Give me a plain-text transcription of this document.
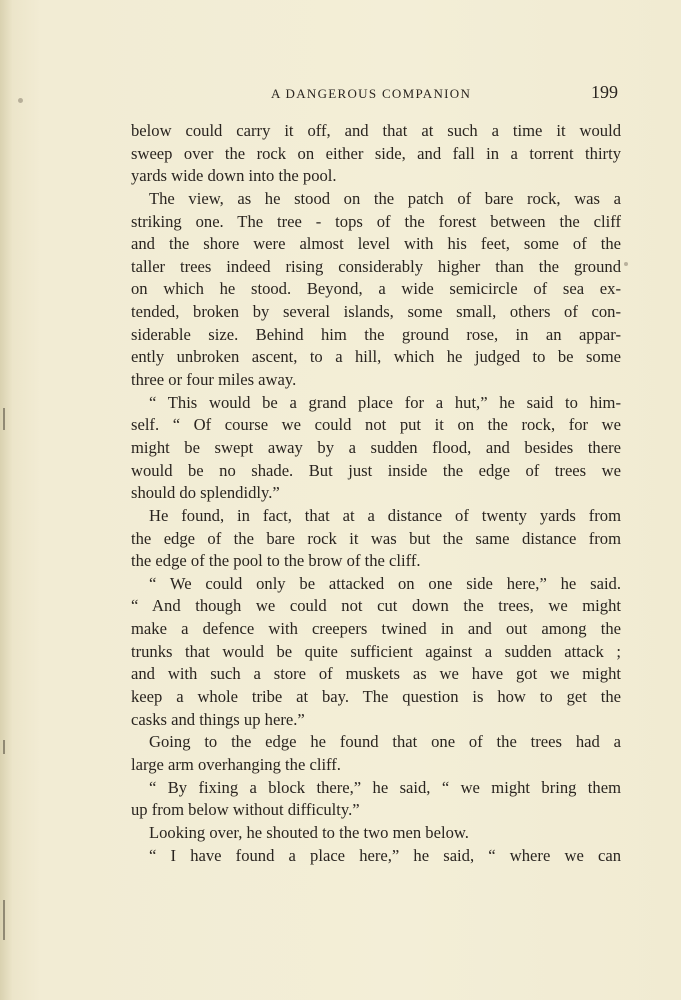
A DANGEROUS COMPANION	199
below could carry it off, and that at such a time it would
sweep over the rock on either side, and fall in a torrent thirty
yards wide down into the pool.
The view, as he stood on the patch of bare rock, was a
striking one. The tree - tops of the forest between the cliff
and the shore were almost level with his feet, some of the
taller trees indeed rising considerably higher than the ground
on which he stood. Beyond, a wide semicircle of sea ex-
tended, broken by several islands, some small, others of con-
siderable size. Behind him the ground rose, in an appar-
ently unbroken ascent, to a hill, which he judged to be some
three or four miles away.
“ This would be a grand place for a hut,” he said to him-
self. “ Of course we could not put it on the rock, for we
might be swept away by a sudden flood, and besides there
would be no shade. But just inside the edge of trees we
should do splendidly.”
He found, in fact, that at a distance of twenty yards from
the edge of the bare rock it was but the same distance from
the edge of the pool to the brow of the cliff.
“ We could only be attacked on one side here,” he said.
“ And though we could not cut down the trees, we might
make a defence with creepers twined in and out among the
trunks that would be quite sufficient against a sudden attack ;
and with such a store of muskets as we have got we might
keep a whole tribe at bay. The question is how to get the
casks and things up here.”
Going to the edge he found that one of the trees had a
large arm overhanging the cliff.
“ By fixing a block there,” he said, “ we might bring them
up from below without difficulty.”
Looking over, he shouted to the two men below.
“ I have found a place here,” he said, “ where we can
